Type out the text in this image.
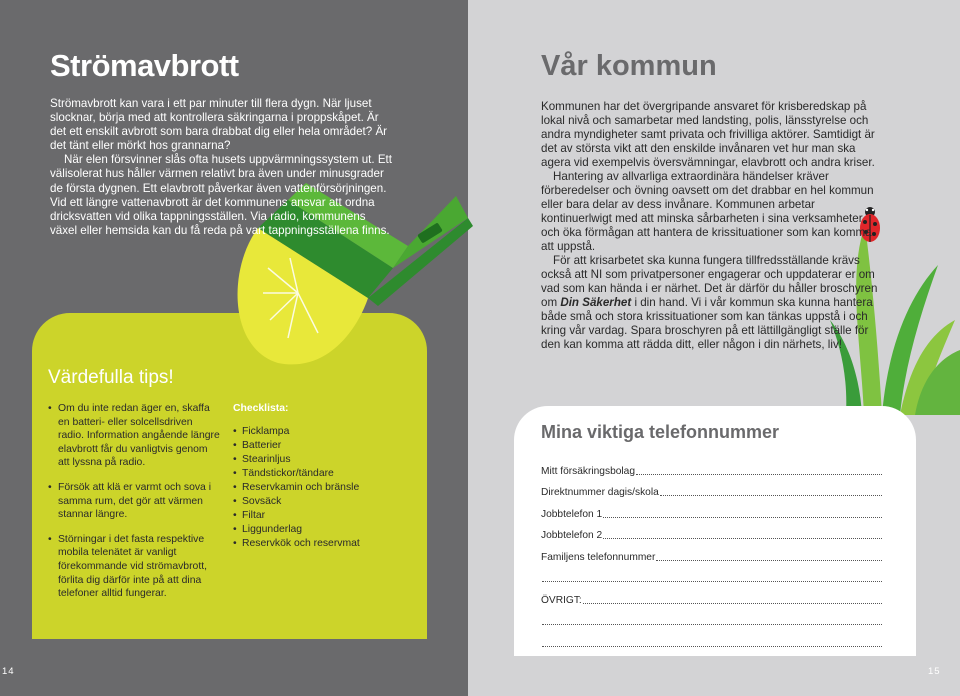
Strömavbrott

Strömavbrott kan vara i ett par minuter till flera dygn. När ljuset slocknar, börja med att kontrollera säkringarna i proppskåpet. Är det ett enskilt avbrott som bara drabbat dig eller hela området? Är det tänt eller mörkt hos grannarna?

När elen försvinner slås ofta husets uppvärmningssystem ut. Ett välisolerat hus håller värmen relativt bra även under minusgrader de första dygnen. Ett elavbrott påverkar även vattenförsörjningen. Vid ett längre vattenavbrott är det kommunens ansvar att ordna dricksvatten vid olika tappningsställen. Via radio, kommunens växel eller hemsida kan du få reda på vart tappningsställena finns.

Värdefulla tips!
• Om du inte redan äger en, skaffa en batteri- eller solcellsdriven radio. Information angående längre elavbrott får du vanligtvis genom att lyssna på radio.
• Försök att klä er varmt och sova i samma rum, det gör att värmen stannar längre.
• Störningar i det fasta respektive mobila telenätet är vanligt förekommande vid strömavbrott, förlita dig därför inte på att dina telefoner alltid fungerar.
Checklista:
• Ficklampa
• Batterier
• Stearinljus
• Tändstickor/tändare
• Reservkamin och bränsle
• Sovsäck
• Filtar
• Liggunderlag
• Reservkök och reservmat
14	15
Vår kommun

Kommunen har det övergripande ansvaret för krisberedskap på lokal nivå och samarbetar med landsting, polis, länsstyrelse och andra myndigheter samt privata och frivilliga aktörer. Samtidigt är det av största vikt att den enskilde invånaren vet hur man ska agera vid exempelvis översvämningar, elavbrott och andra kriser.

Hantering av allvarliga extraordinära händelser kräver förberedelser och övning oavsett om det drabbar en hel kommun eller bara delar av dess invånare. Kommunen arbetar kontinuerlwigt med att minska sårbarheten i sina verksamheter och öka förmågan att hantera de krissituationer som kan komma att uppstå.

För att krisarbetet ska kunna fungera tillfredsställande krävs också att NI som privatpersoner engagerar och uppdaterar er om vad som kan hända i er närhet. Det är därför du håller broschyren om Din Säkerhet i din hand. Vi i vår kommun ska kunna hantera både små och stora krissituationer som kan tänkas uppstå i och kring vår vardag. Spara broschyren på ett lättillgängligt ställe för den kan komma att rädda ditt, eller någon i din närhets, liv!

Mina viktiga telefonnummer
Mitt försäkringsbolag
Direktnummer dagis/skola
Jobbtelefon 1
Jobbtelefon 2
Familjens telefonnummer
ÖVRIGT:
